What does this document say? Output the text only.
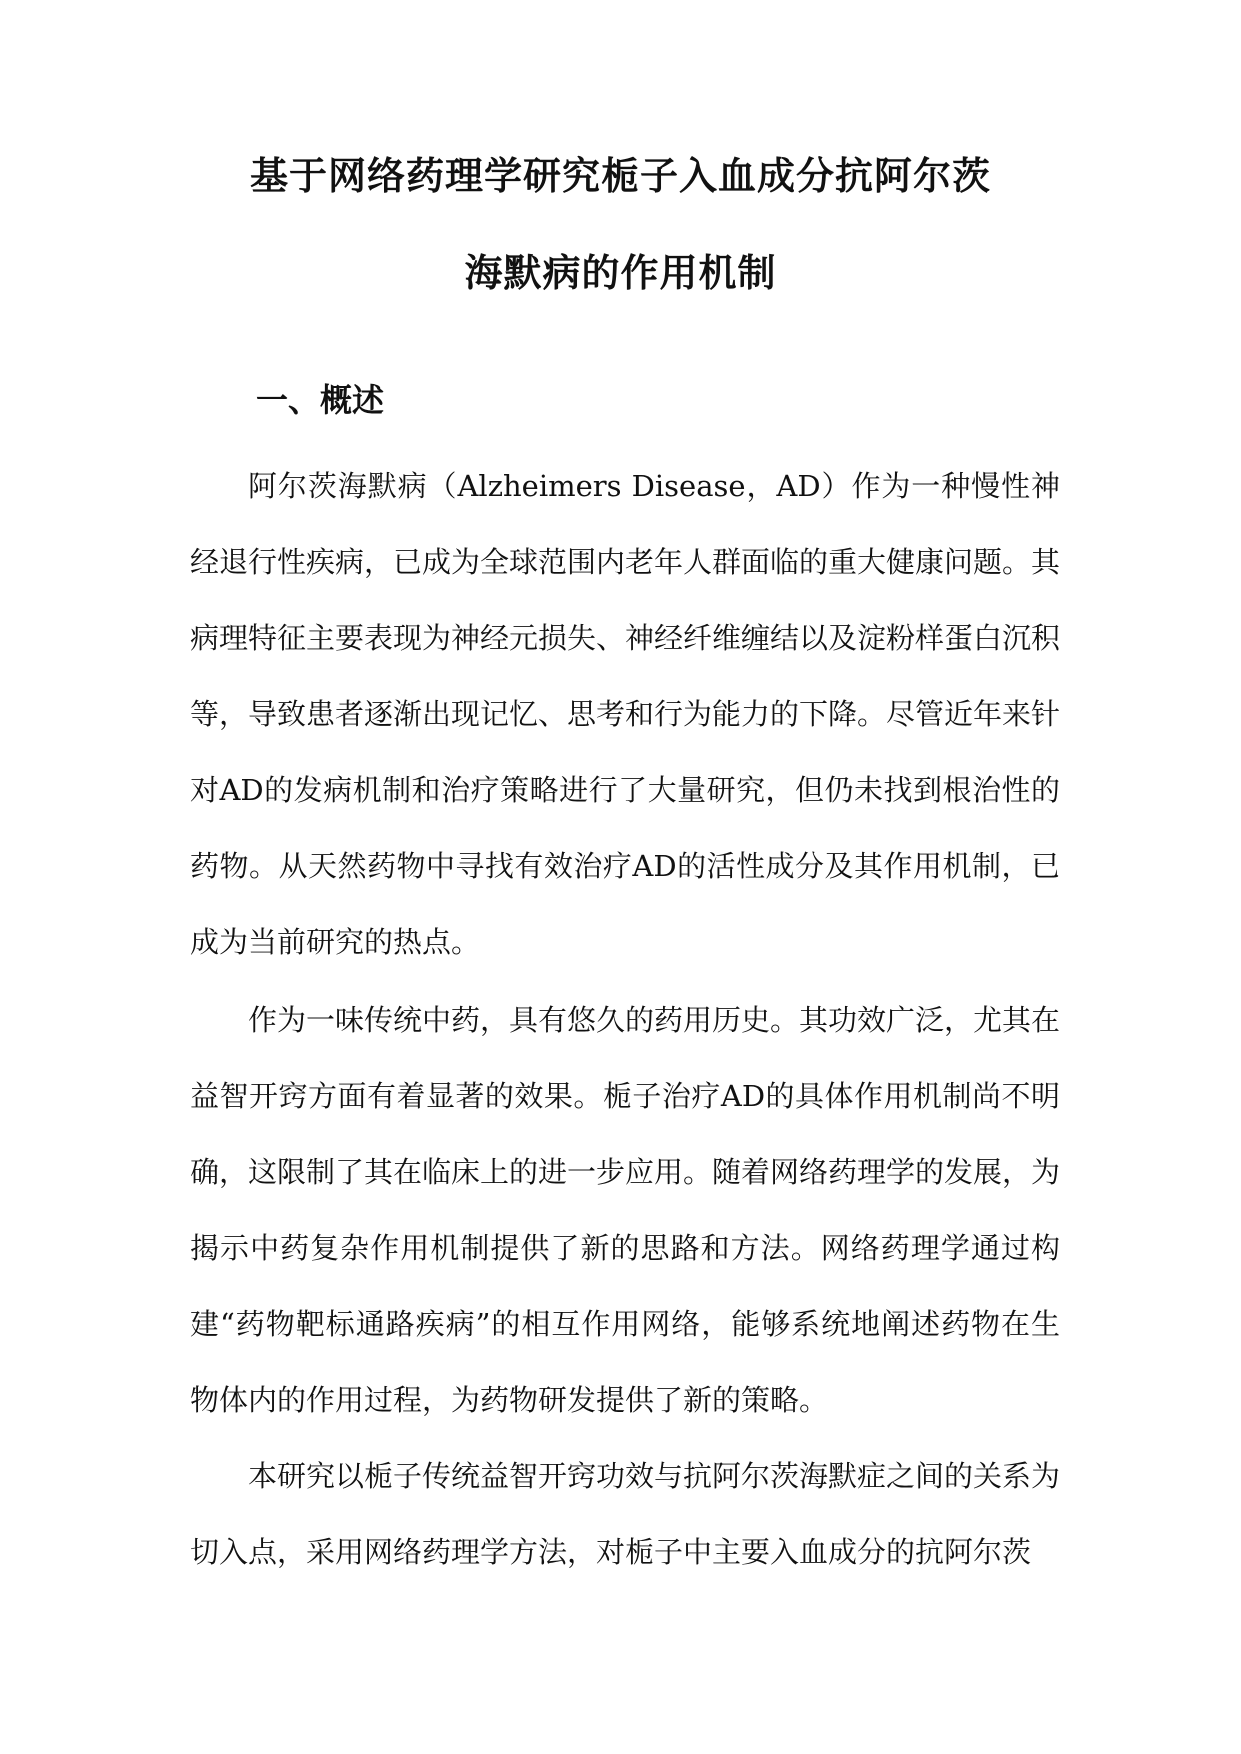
基于网络药理学研究栀子入血成分抗阿尔茨
海默病的作用机制
一、概述

阿尔茨海默病（Alzheimers Disease，AD）作为一种慢性神经退行性疾病，已成为全球范围内老年人群面临的重大健康问题。其病理特征主要表现为神经元损失、神经纤维缠结以及淀粉样蛋白沉积等，导致患者逐渐出现记忆、思考和行为能力的下降。尽管近年来针对AD的发病机制和治疗策略进行了大量研究，但仍未找到根治性的药物。从天然药物中寻找有效治疗AD的活性成分及其作用机制，已成为当前研究的热点。

作为一味传统中药，具有悠久的药用历史。其功效广泛，尤其在益智开窍方面有着显著的效果。栀子治疗AD的具体作用机制尚不明确，这限制了其在临床上的进一步应用。随着网络药理学的发展，为揭示中药复杂作用机制提供了新的思路和方法。网络药理学通过构建“药物靶标通路疾病”的相互作用网络，能够系统地阐述药物在生物体内的作用过程，为药物研发提供了新的策略。

本研究以栀子传统益智开窍功效与抗阿尔茨海默症之间的关系为切入点，采用网络药理学方法，对栀子中主要入血成分的抗阿尔茨
